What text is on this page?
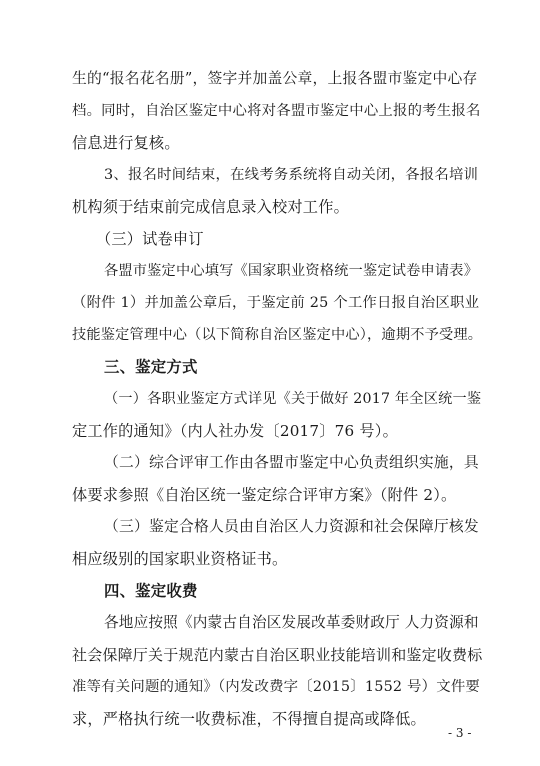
生的“报名花名册”，签字并加盖公章，上报各盟市鉴定中心存
档。同时，自治区鉴定中心将对各盟市鉴定中心上报的考生报名
信息进行复核。
3、报名时间结束，在线考务系统将自动关闭，各报名培训
机构须于结束前完成信息录入校对工作。
（三）试卷申订
各盟市鉴定中心填写《国家职业资格统一鉴定试卷申请表》
（附件 1）并加盖公章后，于鉴定前 25 个工作日报自治区职业
技能鉴定管理中心（以下简称自治区鉴定中心），逾期不予受理。
三、鉴定方式
（一）各职业鉴定方式详见《关于做好 2017 年全区统一鉴
定工作的通知》（内人社办发〔2017〕76 号）。
（二）综合评审工作由各盟市鉴定中心负责组织实施，具
体要求参照《自治区统一鉴定综合评审方案》（附件 2）。
（三）鉴定合格人员由自治区人力资源和社会保障厅核发
相应级别的国家职业资格证书。
四、鉴定收费
各地应按照《内蒙古自治区发展改革委财政厅 人力资源和
社会保障厅关于规范内蒙古自治区职业技能培训和鉴定收费标
准等有关问题的通知》（内发改费字〔2015〕1552 号）文件要
求，严格执行统一收费标准，不得擅自提高或降低。
- 3 -
